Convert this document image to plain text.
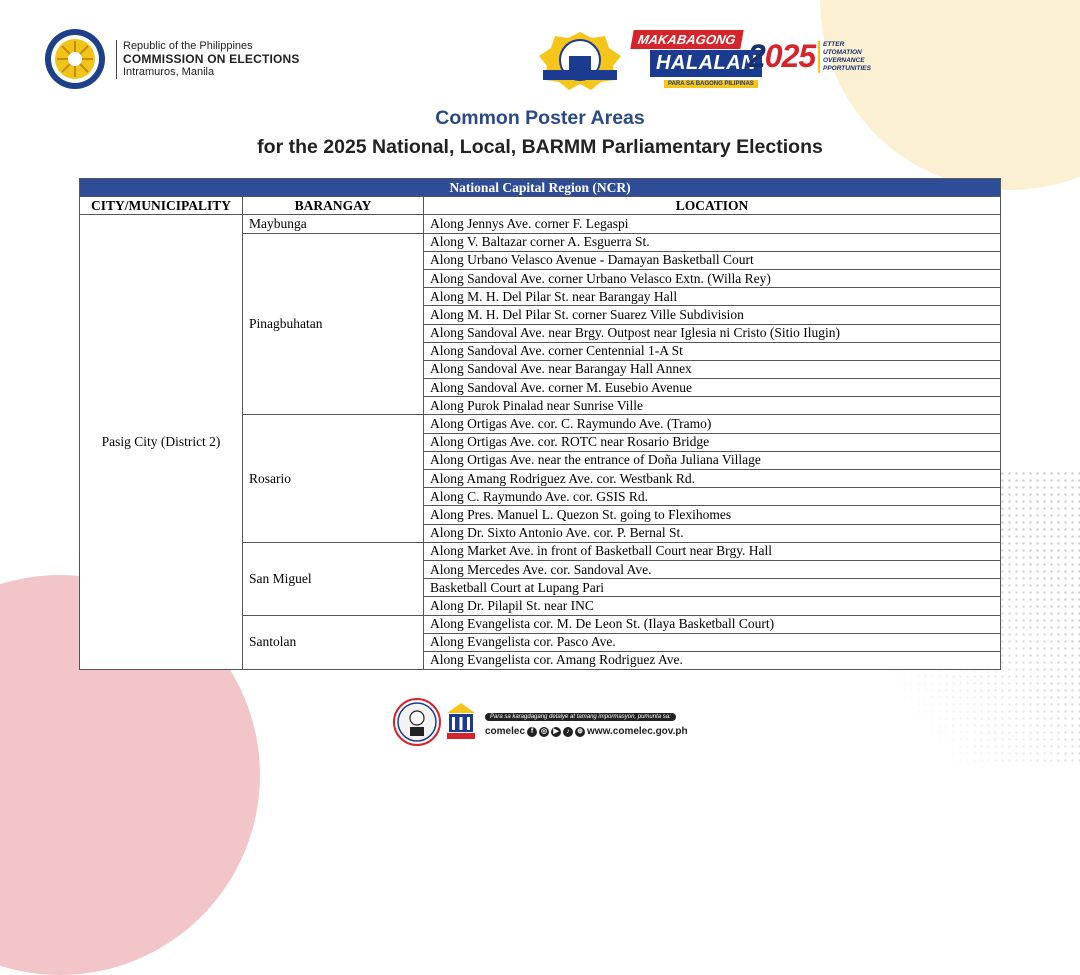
Republic of the Philippines
COMMISSION ON ELECTIONS
Intramuros, Manila
MAKABAGONG
HALALAN
PARA SA BAGONG PILIPINAS
2025 ETTER
UTOMATION
OVERNANCE
PPORTUNITIES
Common Poster Areas
for the 2025 National, Local, BARMM Parliamentary Elections
National Capital Region (NCR)		
CITY/MUNICIPALITY	BARANGAY	LOCATION
Pasig City (District 2)	Maybunga	Along Jennys Ave. corner F. Legaspi
	Pinagbuhatan	Along V. Baltazar corner A. Esguerra St.
		Along Urbano Velasco Avenue - Damayan Basketball Court
		Along Sandoval Ave. corner Urbano Velasco Extn. (Willa Rey)
		Along M. H. Del Pilar St. near Barangay Hall
		Along M. H. Del Pilar St. corner Suarez Ville Subdivision
		Along Sandoval Ave. near Brgy. Outpost near Iglesia ni Cristo (Sitio Ilugin)
		Along Sandoval Ave. corner Centennial 1-A St
		Along Sandoval Ave. near Barangay Hall Annex
		Along Sandoval Ave. corner M. Eusebio Avenue
		Along Purok Pinalad near Sunrise Ville
	Rosario	Along Ortigas Ave. cor. C. Raymundo Ave. (Tramo)
		Along Ortigas Ave. cor. ROTC near Rosario Bridge
		Along Ortigas Ave. near the entrance of Doña Juliana Village
		Along Amang Rodriguez Ave. cor. Westbank Rd.
		Along C. Raymundo Ave. cor. GSIS Rd.
		Along Pres. Manuel L. Quezon St. going to Flexihomes
		Along Dr. Sixto Antonio Ave. cor. P. Bernal St.
	San Miguel	Along Market Ave. in front of Basketball Court near Brgy. Hall
		Along Mercedes Ave. cor. Sandoval Ave.
		Basketball Court at Lupang Pari
		Along Dr. Pilapil St. near INC
	Santolan	Along Evangelista cor. M. De Leon St. (Ilaya Basketball Court)
		Along Evangelista cor. Pasco Ave.
		Along Evangelista cor. Amang Rodriguez Ave.
Para sa karagdagang detalye at tamang impormasyon, pumunta sa:
comelec f	◎ ▶	♪	⊕ www.comelec.gov.ph
